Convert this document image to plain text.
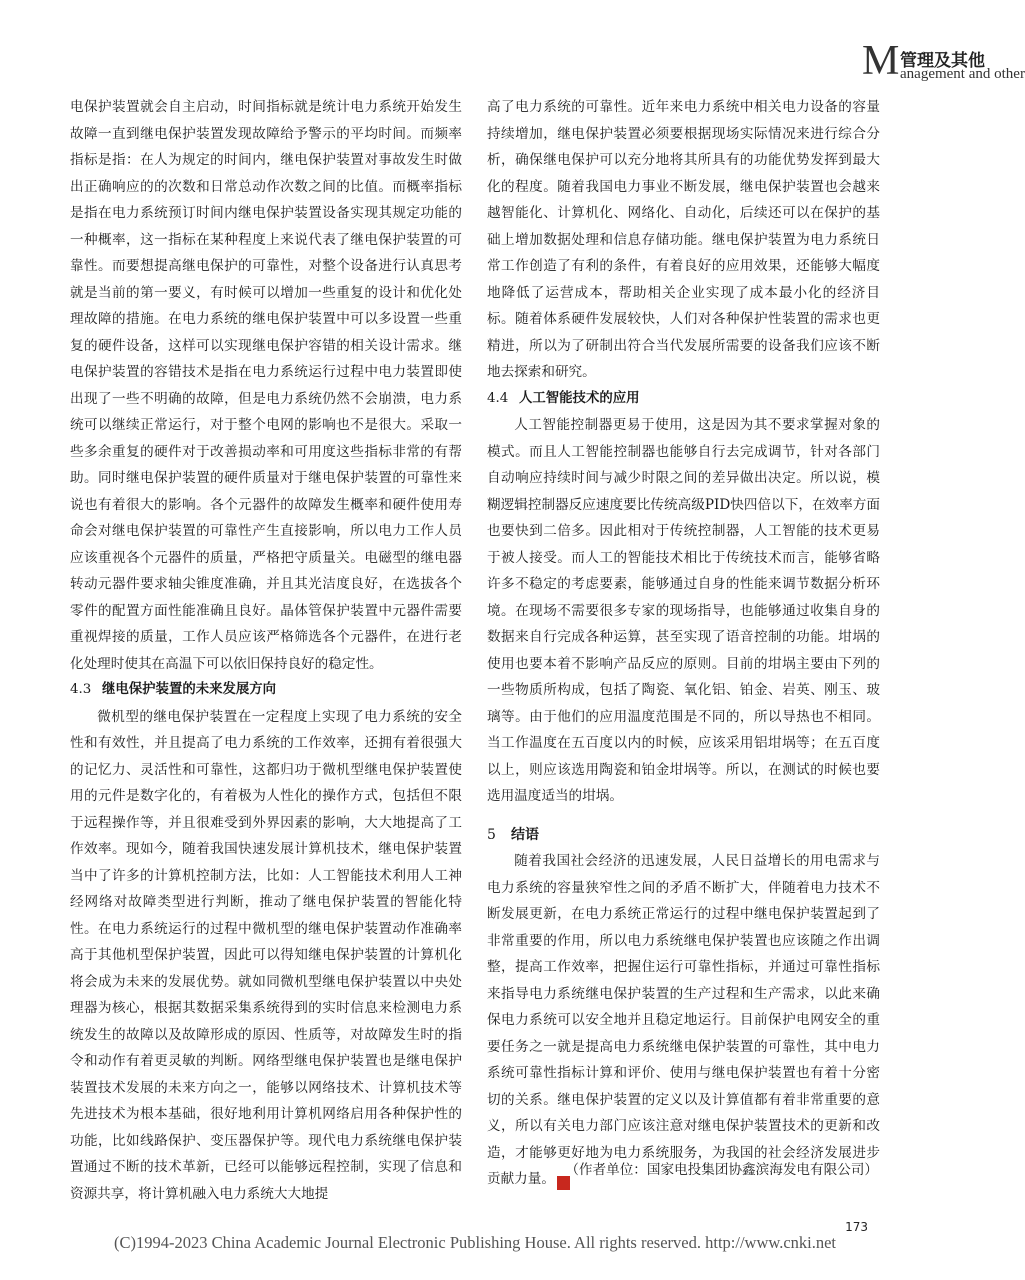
M 管理及其他
anagement and other

电保护装置就会自主启动，时间指标就是统计电力系统开始发生故障一直到继电保护装置发现故障给予警示的平均时间。而频率指标是指：在人为规定的时间内，继电保护装置对事故发生时做出正确响应的的次数和日常总动作次数之间的比值。而概率指标是指在电力系统预订时间内继电保护装置设备实现其规定功能的一种概率，这一指标在某种程度上来说代表了继电保护装置的可靠性。而要想提高继电保护的可靠性，对整个设备进行认真思考就是当前的第一要义，有时候可以增加一些重复的设计和优化处理故障的措施。在电力系统的继电保护装置中可以多设置一些重复的硬件设备，这样可以实现继电保护容错的相关设计需求。继电保护装置的容错技术是指在电力系统运行过程中电力装置即使出现了一些不明确的故障，但是电力系统仍然不会崩溃，电力系统可以继续正常运行，对于整个电网的影响也不是很大。采取一些多余重复的硬件对于改善损动率和可用度这些指标非常的有帮助。同时继电保护装置的硬件质量对于继电保护装置的可靠性来说也有着很大的影响。各个元器件的故障发生概率和硬件使用寿命会对继电保护装置的可靠性产生直接影响，所以电力工作人员应该重视各个元器件的质量，严格把守质量关。电磁型的继电器转动元器件要求轴尖锥度准确，并且其光洁度良好，在选拔各个零件的配置方面性能准确且良好。晶体管保护装置中元器件需要重视焊接的质量，工作人员应该严格筛选各个元器件，在进行老化处理时使其在高温下可以依旧保持良好的稳定性。

4.3 继电保护装置的未来发展方向

微机型的继电保护装置在一定程度上实现了电力系统的安全性和有效性，并且提高了电力系统的工作效率，还拥有着很强大的记忆力、灵活性和可靠性，这都归功于微机型继电保护装置使用的元件是数字化的，有着极为人性化的操作方式，包括但不限于远程操作等，并且很难受到外界因素的影响，大大地提高了工作效率。现如今，随着我国快速发展计算机技术，继电保护装置当中了许多的计算机控制方法，比如：人工智能技术利用人工神经网络对故障类型进行判断，推动了继电保护装置的智能化特性。在电力系统运行的过程中微机型的继电保护装置动作准确率高于其他机型保护装置，因此可以得知继电保护装置的计算机化将会成为未来的发展优势。就如同微机型继电保护装置以中央处理器为核心，根据其数据采集系统得到的实时信息来检测电力系统发生的故障以及故障形成的原因、性质等，对故障发生时的指令和动作有着更灵敏的判断。网络型继电保护装置也是继电保护装置技术发展的未来方向之一，能够以网络技术、计算机技术等先进技术为根本基础，很好地利用计算机网络启用各种保护性的功能，比如线路保护、变压器保护等。现代电力系统继电保护装置通过不断的技术革新，已经可以能够远程控制，实现了信息和资源共享，将计算机融入电力系统大大地提

高了电力系统的可靠性。近年来电力系统中相关电力设备的容量持续增加，继电保护装置必须要根据现场实际情况来进行综合分析，确保继电保护可以充分地将其所具有的功能优势发挥到最大化的程度。随着我国电力事业不断发展，继电保护装置也会越来越智能化、计算机化、网络化、自动化，后续还可以在保护的基础上增加数据处理和信息存储功能。继电保护装置为电力系统日常工作创造了有利的条件，有着良好的应用效果，还能够大幅度地降低了运营成本，帮助相关企业实现了成本最小化的经济目标。随着体系硬件发展较快，人们对各种保护性装置的需求也更精进，所以为了研制出符合当代发展所需要的设备我们应该不断地去探索和研究。

4.4 人工智能技术的应用

人工智能控制器更易于使用，这是因为其不要求掌握对象的模式。而且人工智能控制器也能够自行去完成调节，针对各部门自动响应持续时间与减少时限之间的差异做出决定。所以说，模糊逻辑控制器反应速度要比传统高级PID快四倍以下，在效率方面也要快到二倍多。因此相对于传统控制器，人工智能的技术更易于被人接受。而人工的智能技术相比于传统技术而言，能够省略许多不稳定的考虑要素，能够通过自身的性能来调节数据分析环境。在现场不需要很多专家的现场指导，也能够通过收集自身的数据来自行完成各种运算，甚至实现了语音控制的功能。坩埚的使用也要本着不影响产品反应的原则。目前的坩埚主要由下列的一些物质所构成，包括了陶瓷、氧化铝、铂金、岩英、刚玉、玻璃等。由于他们的应用温度范围是不同的，所以导热也不相同。当工作温度在五百度以内的时候，应该采用铝坩埚等；在五百度以上，则应该选用陶瓷和铂金坩埚等。所以，在测试的时候也要选用温度适当的坩埚。

5 结语

随着我国社会经济的迅速发展，人民日益增长的用电需求与电力系统的容量狭窄性之间的矛盾不断扩大，伴随着电力技术不断发展更新，在电力系统正常运行的过程中继电保护装置起到了非常重要的作用，所以电力系统继电保护装置也应该随之作出调整，提高工作效率，把握住运行可靠性指标，并通过可靠性指标来指导电力系统继电保护装置的生产过程和生产需求，以此来确保电力系统可以安全地并且稳定地运行。目前保护电网安全的重要任务之一就是提高电力系统继电保护装置的可靠性，其中电力系统可靠性指标计算和评价、使用与继电保护装置也有着十分密切的关系。继电保护装置的定义以及计算值都有着非常重要的意义，所以有关电力部门应该注意对继电保护装置技术的更新和改造，才能够更好地为电力系统服务，为我国的社会经济发展进步贡献力量。	通

（作者单位：国家电投集团协鑫滨海发电有限公司）
173
(C)1994-2023 China Academic Journal Electronic Publishing House. All rights reserved. http://www.cnki.net
